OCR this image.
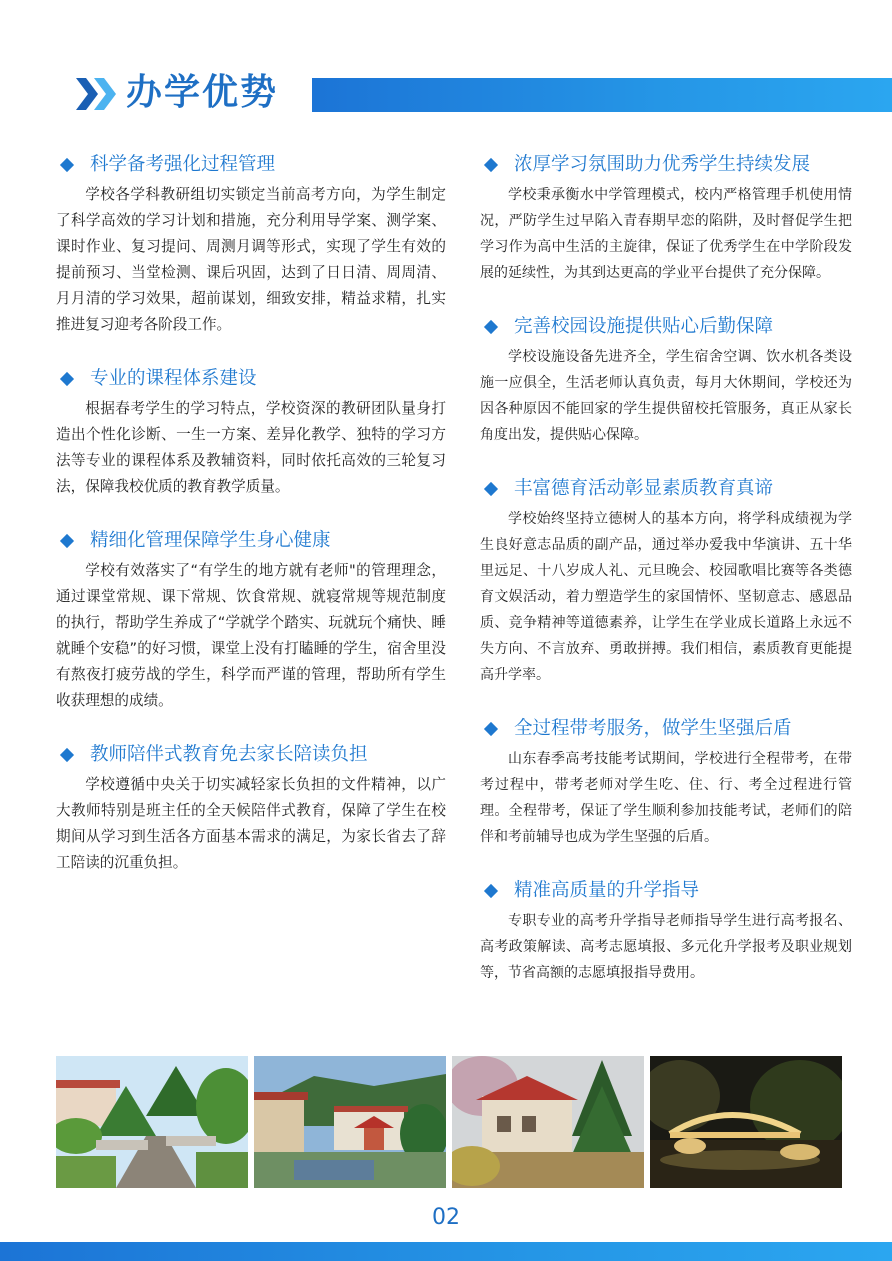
办学优势
科学备考强化过程管理
学校各学科教研组切实锁定当前高考方向，为学生制定了科学高效的学习计划和措施，充分利用导学案、测学案、课时作业、复习提问、周测月调等形式，实现了学生有效的提前预习、当堂检测、课后巩固，达到了日日清、周周清、月月清的学习效果，超前谋划，细致安排，精益求精，扎实推进复习迎考各阶段工作。
专业的课程体系建设
根据春考学生的学习特点，学校资深的教研团队量身打造出个性化诊断、一生一方案、差异化教学、独特的学习方法等专业的课程体系及教辅资料，同时依托高效的三轮复习法，保障我校优质的教育教学质量。
精细化管理保障学生身心健康
学校有效落实了“有学生的地方就有老师"的管理理念，通过课堂常规、课下常规、饮食常规、就寝常规等规范制度的执行，帮助学生养成了“学就学个踏实、玩就玩个痛快、睡就睡个安稳”的好习惯，课堂上没有打瞌睡的学生，宿舍里没有熬夜打疲劳战的学生，科学而严谨的管理，帮助所有学生收获理想的成绩。
教师陪伴式教育免去家长陪读负担
学校遵循中央关于切实减轻家长负担的文件精神，以广大教师特别是班主任的全天候陪伴式教育，保障了学生在校期间从学习到生活各方面基本需求的满足，为家长省去了辞工陪读的沉重负担。
浓厚学习氛围助力优秀学生持续发展
学校秉承衡水中学管理模式，校内严格管理手机使用情况，严防学生过早陷入青春期早恋的陷阱，及时督促学生把学习作为高中生活的主旋律，保证了优秀学生在中学阶段发展的延续性，为其到达更高的学业平台提供了充分保障。
完善校园设施提供贴心后勤保障
学校设施设备先进齐全，学生宿舍空调、饮水机各类设施一应俱全，生活老师认真负责，每月大休期间，学校还为因各种原因不能回家的学生提供留校托管服务，真正从家长角度出发，提供贴心保障。
丰富德育活动彰显素质教育真谛
学校始终坚持立德树人的基本方向，将学科成绩视为学生良好意志品质的副产品，通过举办爱我中华演讲、五十华里远足、十八岁成人礼、元旦晚会、校园歌唱比赛等各类德育文娱活动，着力塑造学生的家国情怀、坚韧意志、感恩品质、竞争精神等道德素养，让学生在学业成长道路上永远不失方向、不言放弃、勇敢拼搏。我们相信，素质教育更能提高升学率。
全过程带考服务，做学生坚强后盾
山东春季高考技能考试期间，学校进行全程带考，在带考过程中，带考老师对学生吃、住、行、考全过程进行管理。全程带考，保证了学生顺利参加技能考试，老师们的陪伴和考前辅导也成为学生坚强的后盾。
精准高质量的升学指导
专职专业的高考升学指导老师指导学生进行高考报名、高考政策解读、高考志愿填报、多元化升学报考及职业规划等，节省高额的志愿填报指导费用。
02
